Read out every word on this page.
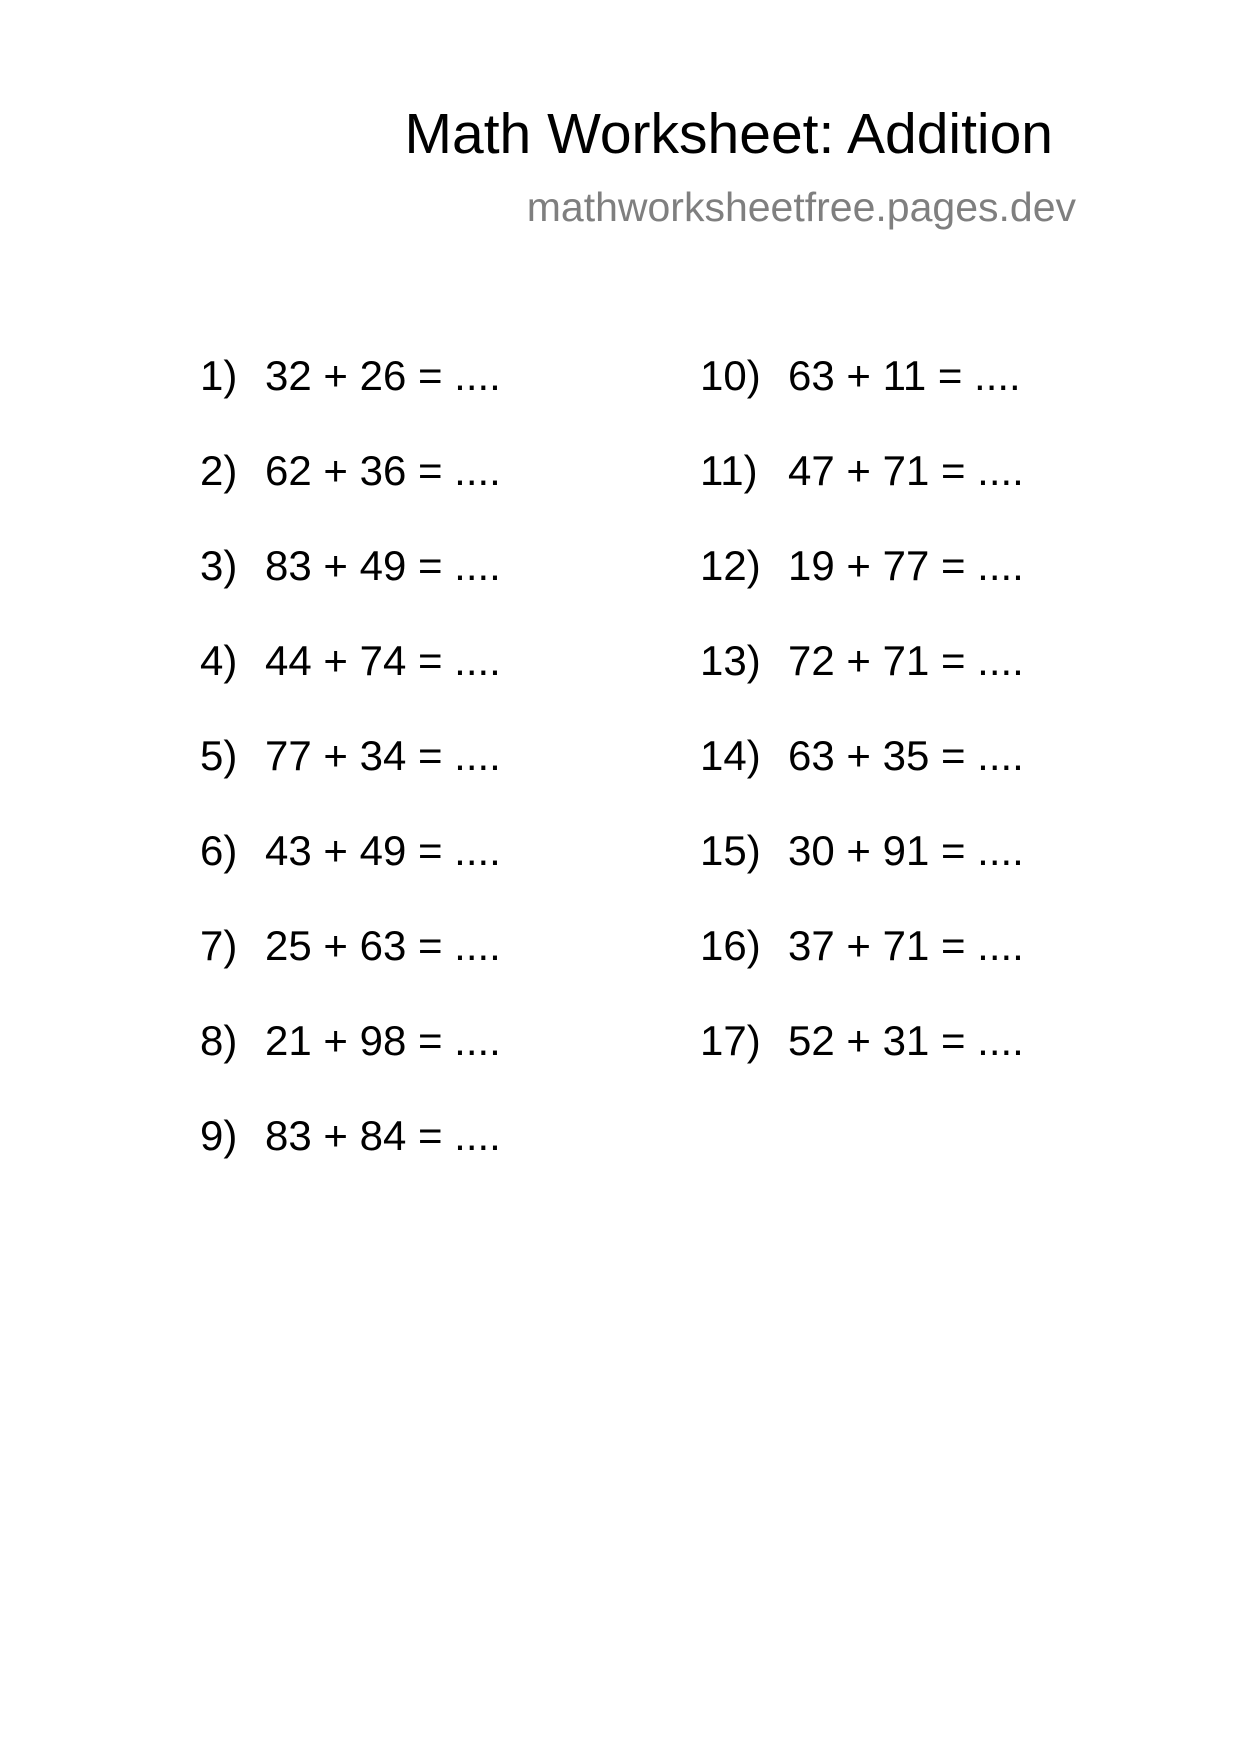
Math Worksheet: Addition
mathworksheetfree.pages.dev
1) 32 + 26 = ....
2) 62 + 36 = ....
3) 83 + 49 = ....
4) 44 + 74 = ....
5) 77 + 34 = ....
6) 43 + 49 = ....
7) 25 + 63 = ....
8) 21 + 98 = ....
9) 83 + 84 = ....
10) 63 + 11 = ....
11) 47 + 71 = ....
12) 19 + 77 = ....
13) 72 + 71 = ....
14) 63 + 35 = ....
15) 30 + 91 = ....
16) 37 + 71 = ....
17) 52 + 31 = ....
